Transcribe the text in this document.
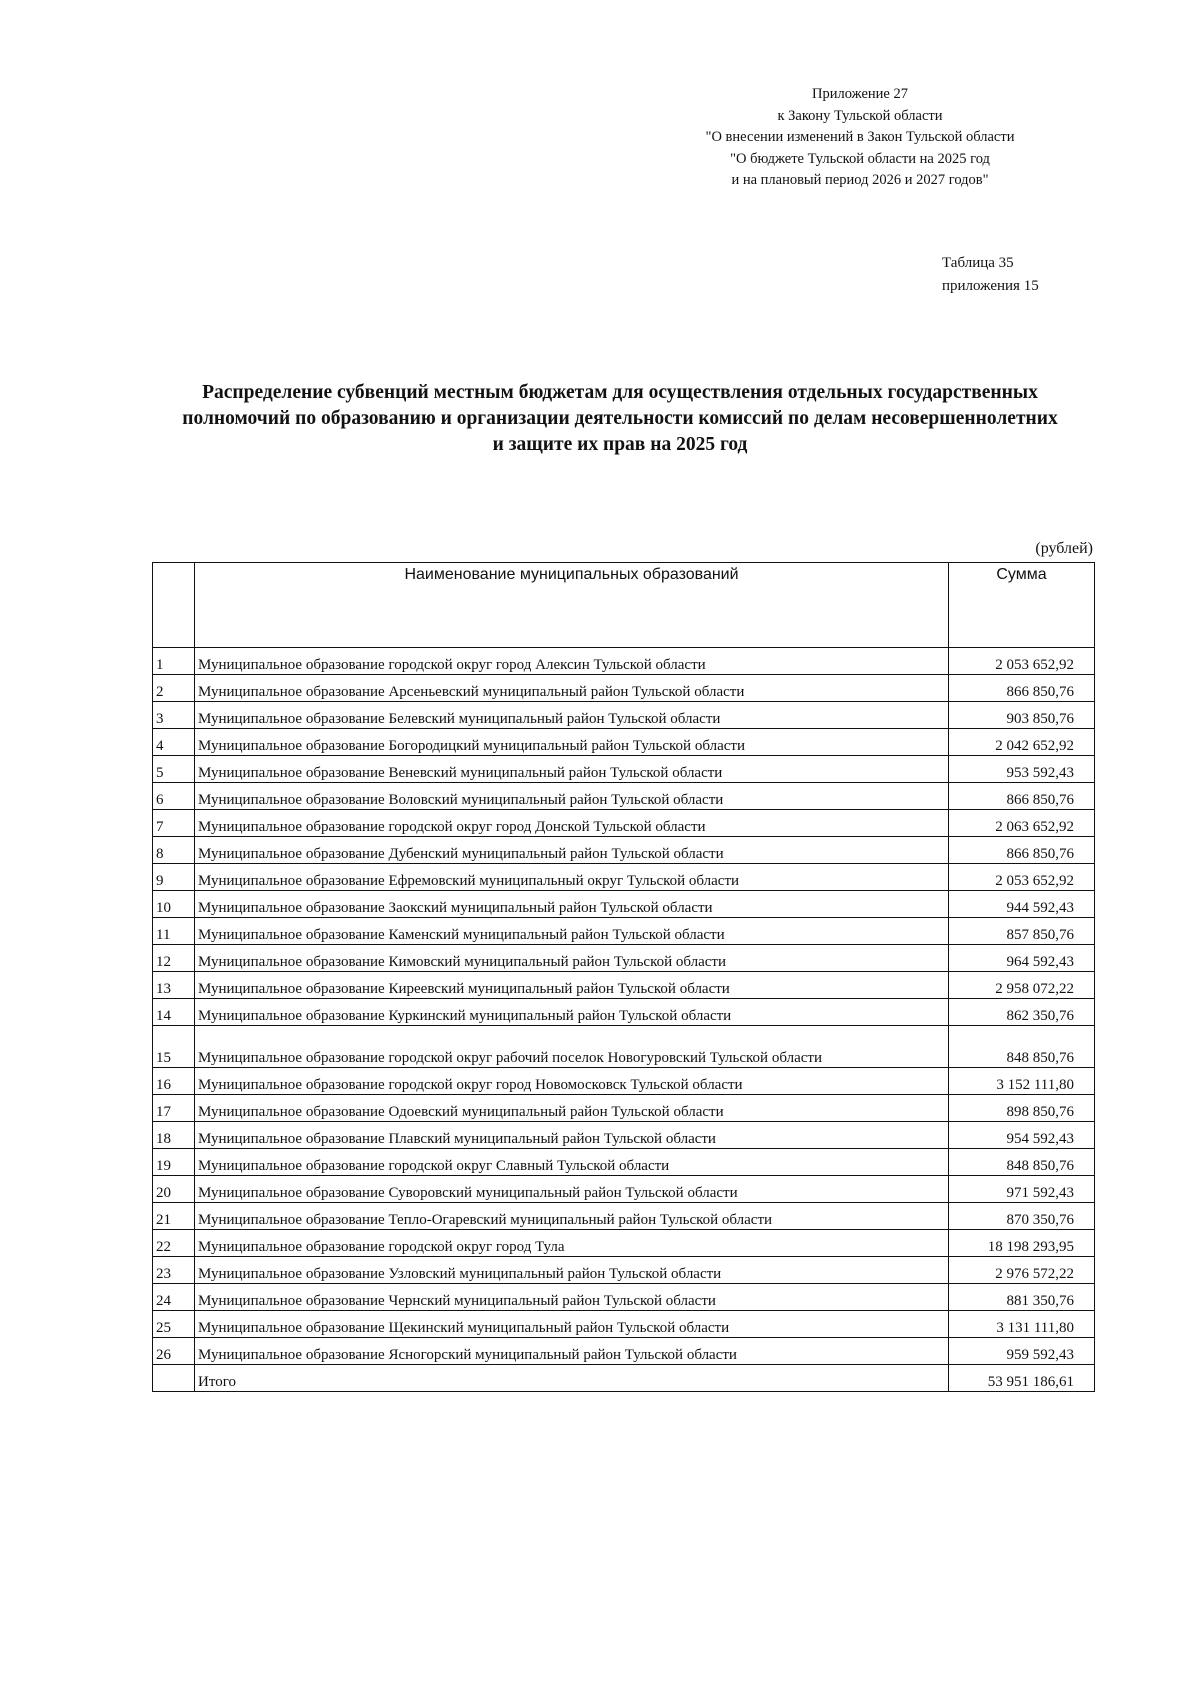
Приложение 27
к Закону Тульской области
"О внесении изменений в Закон Тульской области
"О бюджете Тульской области на 2025 год
и на плановый период 2026 и 2027 годов"
Таблица 35
приложения 15
Распределение субвенций местным бюджетам для осуществления отдельных государственных
полномочий по образованию и организации деятельности комиссий по делам несовершеннолетних
и защите их прав на 2025 год
(рублей)
	Наименование муниципальных образований	Сумма
1	Муниципальное образование городской округ город Алексин Тульской области	2 053 652,92
2	Муниципальное образование Арсеньевский муниципальный район Тульской области	866 850,76
3	Муниципальное образование Белевский муниципальный район Тульской области	903 850,76
4	Муниципальное образование Богородицкий муниципальный район Тульской области	2 042 652,92
5	Муниципальное образование Веневский муниципальный район Тульской области	953 592,43
6	Муниципальное образование Воловский муниципальный район Тульской области	866 850,76
7	Муниципальное образование городской округ город Донской Тульской области	2 063 652,92
8	Муниципальное образование Дубенский муниципальный район Тульской области	866 850,76
9	Муниципальное образование Ефремовский муниципальный округ Тульской области	2 053 652,92
10	Муниципальное образование Заокский муниципальный район Тульской области	944 592,43
11	Муниципальное образование Каменский муниципальный район Тульской области	857 850,76
12	Муниципальное образование Кимовский муниципальный район Тульской области	964 592,43
13	Муниципальное образование Киреевский муниципальный район Тульской области	2 958 072,22
14	Муниципальное образование Куркинский муниципальный район Тульской области	862 350,76
15	Муниципальное образование городской округ рабочий поселок Новогуровский Тульской области	848 850,76
16	Муниципальное образование городской округ город Новомосковск Тульской области	3 152 111,80
17	Муниципальное образование Одоевский муниципальный район Тульской области	898 850,76
18	Муниципальное образование Плавский муниципальный район Тульской области	954 592,43
19	Муниципальное образование городской округ Славный Тульской области	848 850,76
20	Муниципальное образование Суворовский муниципальный район Тульской области	971 592,43
21	Муниципальное образование Тепло-Огаревский муниципальный район Тульской области	870 350,76
22	Муниципальное образование городской округ город Тула	18 198 293,95
23	Муниципальное образование Узловский муниципальный район Тульской области	2 976 572,22
24	Муниципальное образование Чернский муниципальный район Тульской области	881 350,76
25	Муниципальное образование Щекинский муниципальный район Тульской области	3 131 111,80
26	Муниципальное образование Ясногорский муниципальный район Тульской области	959 592,43
	Итого	53 951 186,61
